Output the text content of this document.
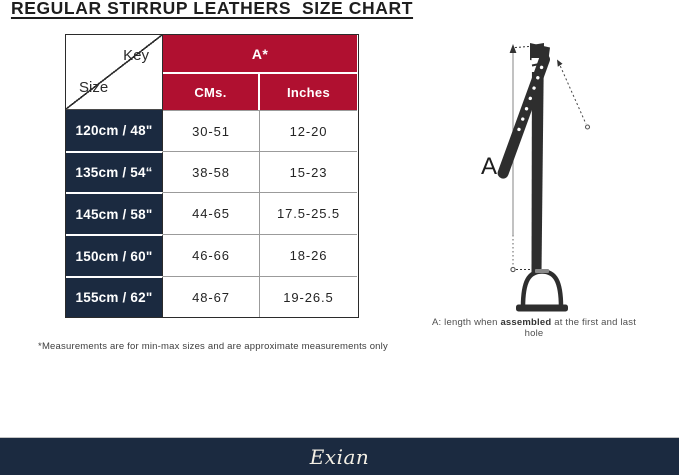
REGULAR STIRRUP LEATHERS  SIZE CHART
Key
Size
A*
CMs.	Inches
120cm / 48"	30-51	12-20
135cm / 54“	38-58	15-23
145cm / 58"	44-65	17.5-25.5
150cm / 60"	46-66	18-26
155cm / 62"	48-67	19-26.5
*Measurements are for min-max sizes and are approximate measurements only
A
A: length when assembled at the first and last hole
Exian
